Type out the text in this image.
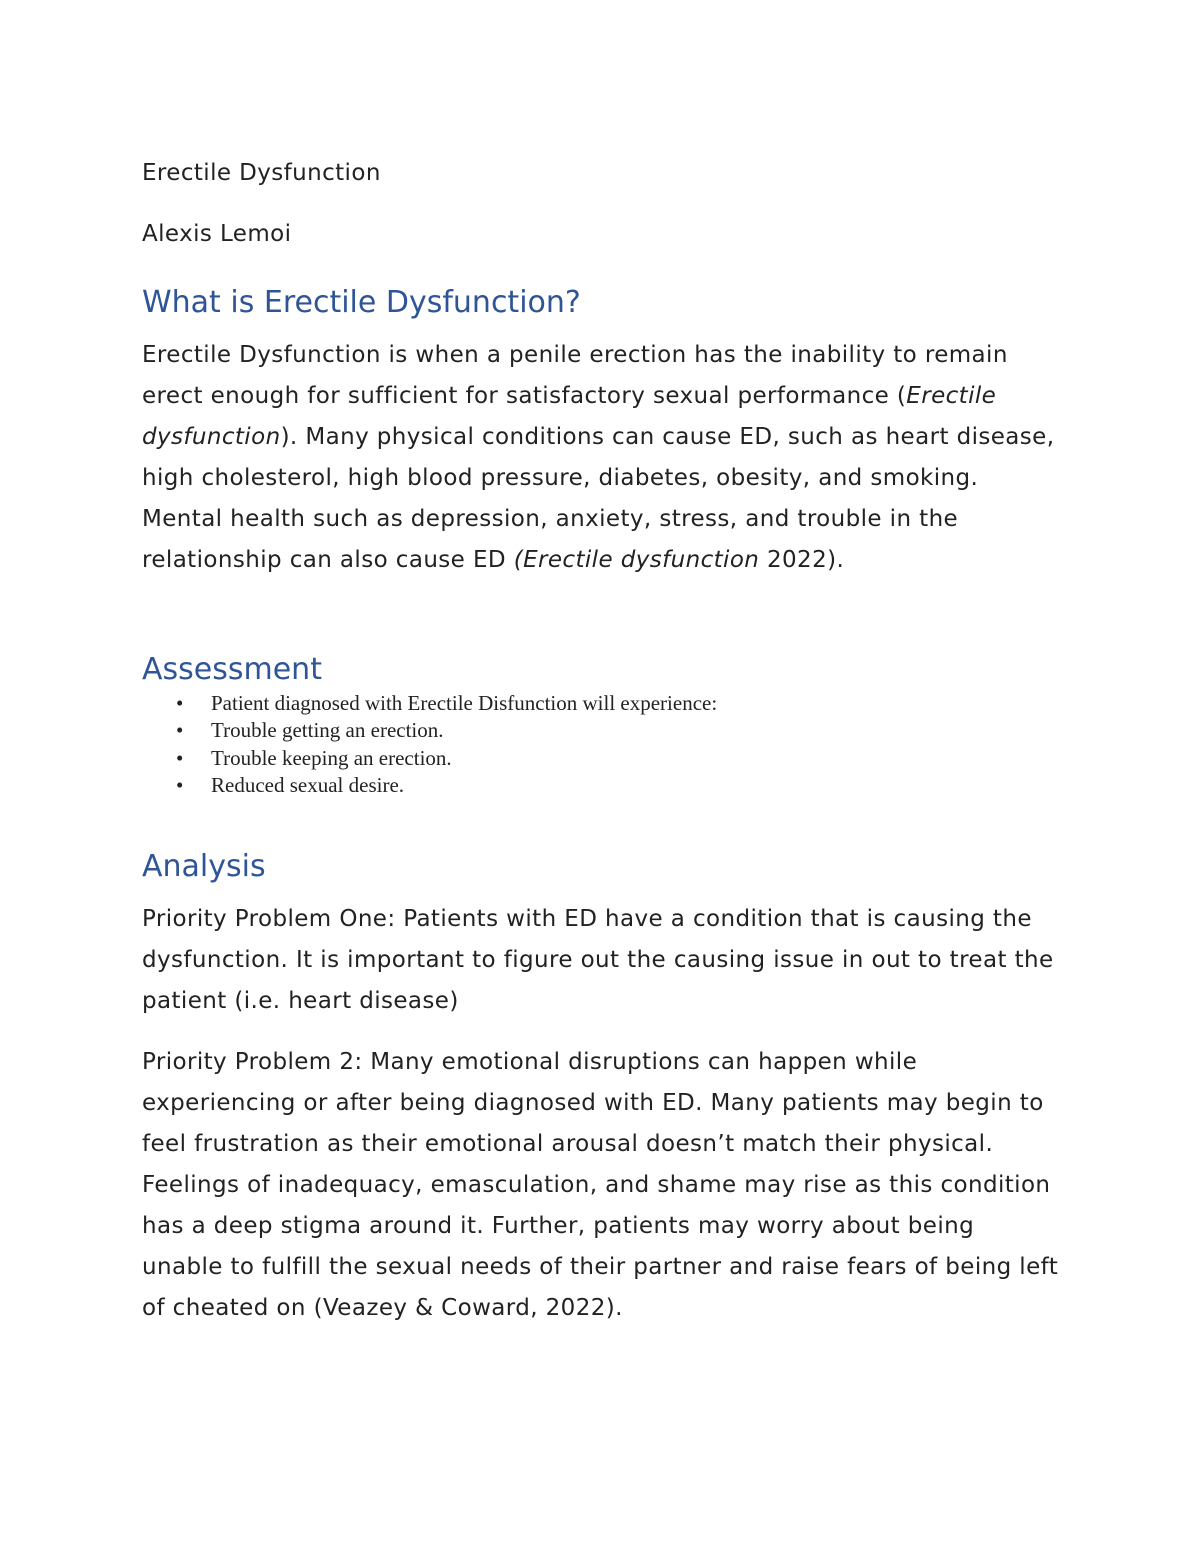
Erectile Dysfunction

Alexis Lemoi

What is Erectile Dysfunction?

Erectile Dysfunction is when a penile erection has the inability to remain erect enough for sufficient for satisfactory sexual performance (Erectile dysfunction). Many physical conditions can cause ED, such as heart disease, high cholesterol, high blood pressure, diabetes, obesity, and smoking. Mental health such as depression, anxiety, stress, and trouble in the relationship can also cause ED (Erectile dysfunction 2022).

Assessment
• Patient diagnosed with Erectile Disfunction will experience:
• Trouble getting an erection.
• Trouble keeping an erection.
• Reduced sexual desire.
Analysis

Priority Problem One: Patients with ED have a condition that is causing the dysfunction. It is important to figure out the causing issue in out to treat the patient (i.e. heart disease)

Priority Problem 2: Many emotional disruptions can happen while experiencing or after being diagnosed with ED. Many patients may begin to feel frustration as their emotional arousal doesn’t match their physical. Feelings of inadequacy, emasculation, and shame may rise as this condition has a deep stigma around it. Further, patients may worry about being unable to fulfill the sexual needs of their partner and raise fears of being left of cheated on (Veazey & Coward, 2022).
